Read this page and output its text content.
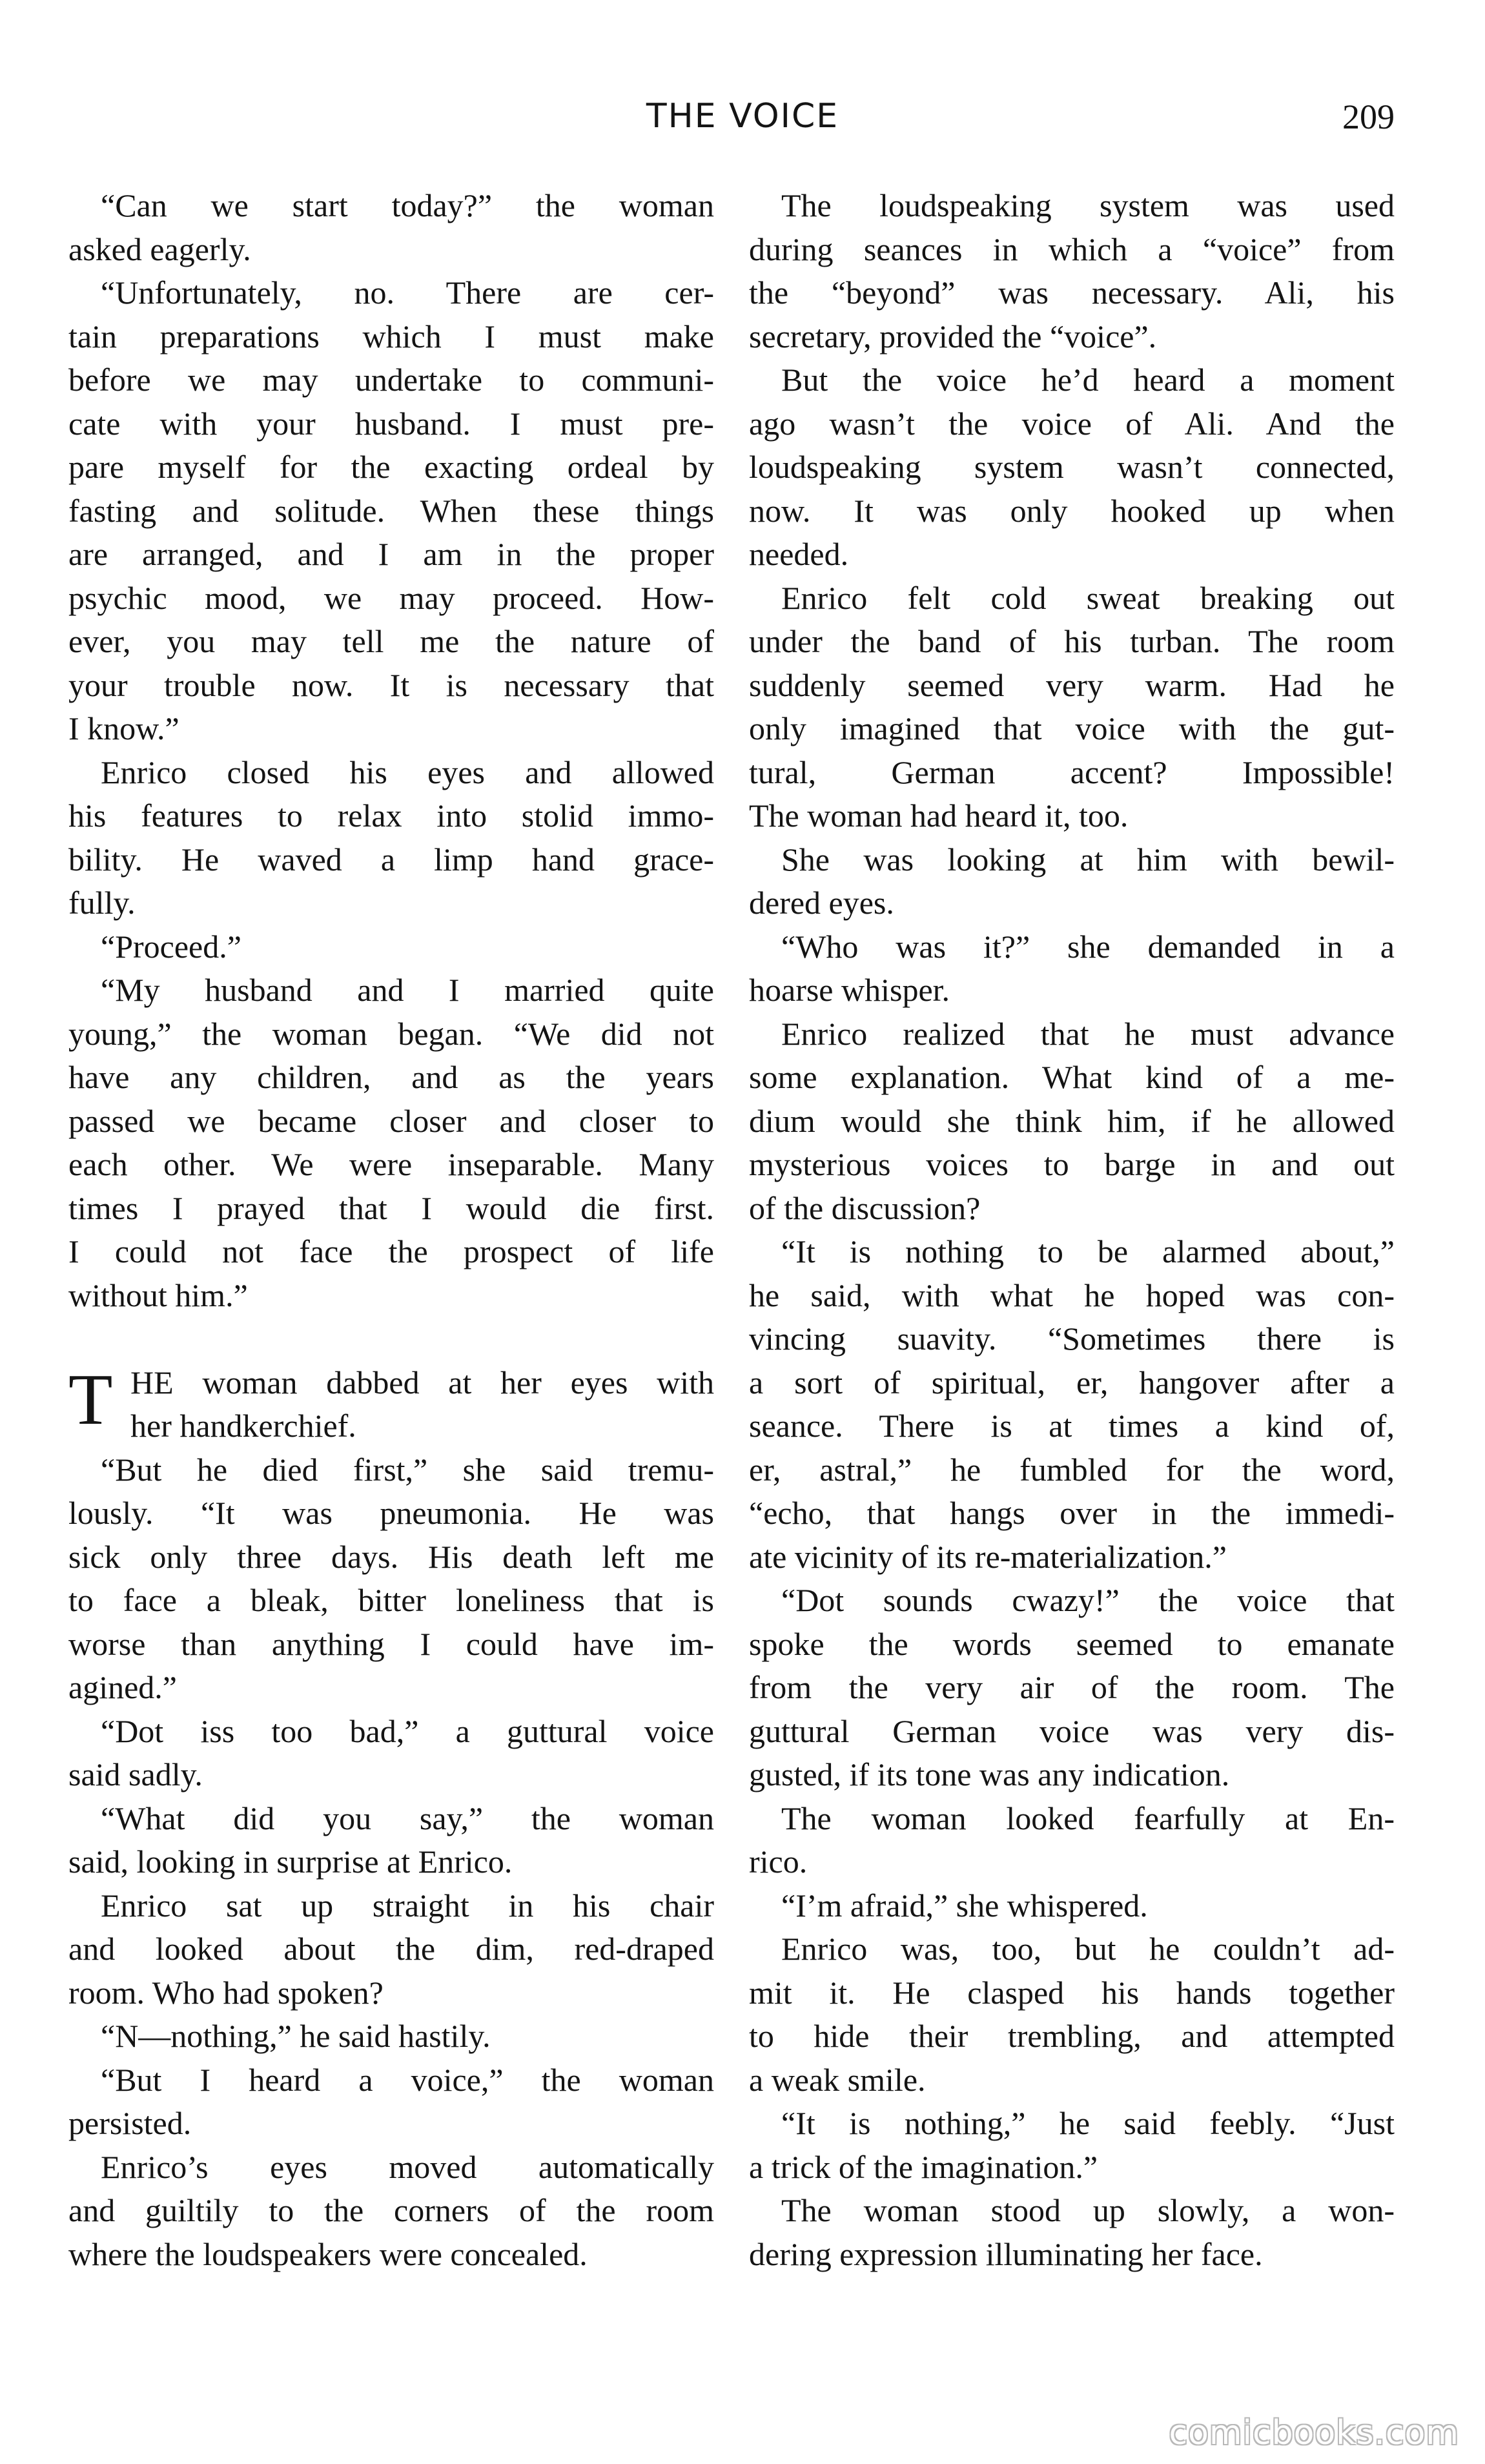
THE VOICE	209
“Can we start today?” the woman
asked eagerly.
“Unfortunately, no. There are cer-
tain preparations which I must make
before we may undertake to communi-
cate with your husband. I must pre-
pare myself for the exacting ordeal by
fasting and solitude. When these things
are arranged, and I am in the proper
psychic mood, we may proceed. How-
ever, you may tell me the nature of
your trouble now. It is necessary that
I know.”
Enrico closed his eyes and allowed
his features to relax into stolid immo-
bility. He waved a limp hand grace-
fully.
“Proceed.”
“My husband and I married quite
young,” the woman began. “We did not
have any children, and as the years
passed we became closer and closer to
each other. We were inseparable. Many
times I prayed that I would die first.
I could not face the prospect of life
without him.”
T HE woman dabbed at her eyes with
her handkerchief.
“But he died first,” she said tremu-
lously. “It was pneumonia. He was
sick only three days. His death left me
to face a bleak, bitter loneliness that is
worse than anything I could have im-
agined.”
“Dot iss too bad,” a guttural voice
said sadly.
“What did you say,” the woman
said, looking in surprise at Enrico.
Enrico sat up straight in his chair
and looked about the dim, red-draped
room. Who had spoken?
“N—nothing,” he said hastily.
“But I heard a voice,” the woman
persisted.
Enrico’s eyes moved automatically
and guiltily to the corners of the room
where the loudspeakers were concealed.
The loudspeaking system was used
during seances in which a “voice” from
the “beyond” was necessary. Ali, his
secretary, provided the “voice”.
But the voice he’d heard a moment
ago wasn’t the voice of Ali. And the
loudspeaking system wasn’t connected,
now. It was only hooked up when
needed.
Enrico felt cold sweat breaking out
under the band of his turban. The room
suddenly seemed very warm. Had he
only imagined that voice with the gut-
tural, German accent? Impossible!
The woman had heard it, too.
She was looking at him with bewil-
dered eyes.
“Who was it?” she demanded in a
hoarse whisper.
Enrico realized that he must advance
some explanation. What kind of a me-
dium would she think him, if he allowed
mysterious voices to barge in and out
of the discussion?
“It is nothing to be alarmed about,”
he said, with what he hoped was con-
vincing suavity. “Sometimes there is
a sort of spiritual, er, hangover after a
seance. There is at times a kind of,
er, astral,” he fumbled for the word,
“echo, that hangs over in the immedi-
ate vicinity of its re-materialization.”
“Dot sounds cwazy!” the voice that
spoke the words seemed to emanate
from the very air of the room. The
guttural German voice was very dis-
gusted, if its tone was any indication.
The woman looked fearfully at En-
rico.
“I’m afraid,” she whispered.
Enrico was, too, but he couldn’t ad-
mit it. He clasped his hands together
to hide their trembling, and attempted
a weak smile.
“It is nothing,” he said feebly. “Just
a trick of the imagination.”
The woman stood up slowly, a won-
dering expression illuminating her face.
comicbooks.com
